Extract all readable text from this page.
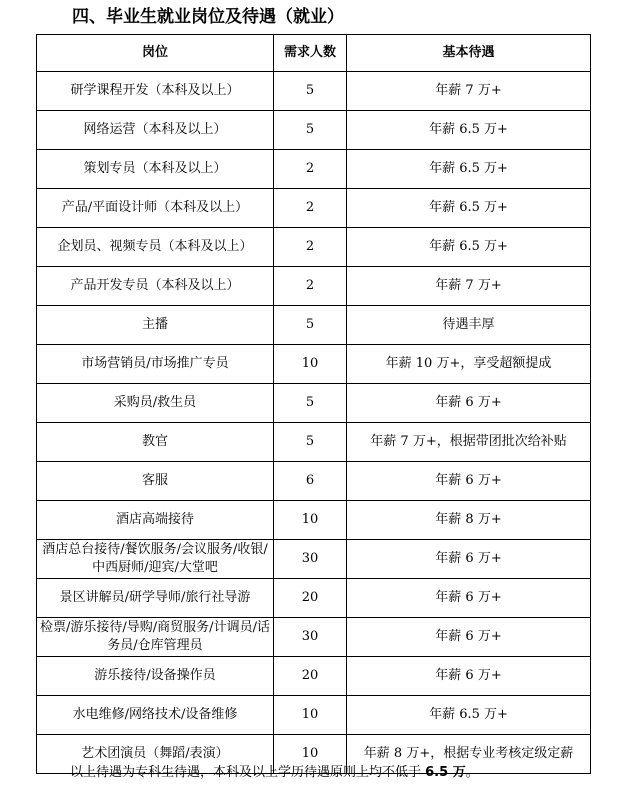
四、毕业生就业岗位及待遇（就业）
岗位	需求人数	基本待遇
研学课程开发（本科及以上）	5	年薪 7 万+
网络运营（本科及以上）	5	年薪 6.5 万+
策划专员（本科及以上）	2	年薪 6.5 万+
产品/平面设计师（本科及以上）	2	年薪 6.5 万+
企划员、视频专员（本科及以上）	2	年薪 6.5 万+
产品开发专员（本科及以上）	2	年薪 7 万+
主播	5	待遇丰厚
市场营销员/市场推广专员	10	年薪 10 万+，享受超额提成
采购员/救生员	5	年薪 6 万+
教官	5	年薪 7 万+，根据带团批次给补贴
客服	6	年薪 6 万+
酒店高端接待	10	年薪 8 万+
酒店总台接待/餐饮服务/会议服务/收银/中西厨师/迎宾/大堂吧	30	年薪 6 万+
景区讲解员/研学导师/旅行社导游	20	年薪 6 万+
检票/游乐接待/导购/商贸服务/计调员/话务员/仓库管理员	30	年薪 6 万+
游乐接待/设备操作员	20	年薪 6 万+
水电维修/网络技术/设备维修	10	年薪 6.5 万+
艺术团演员（舞蹈/表演）	10	年薪 8 万+，根据专业考核定级定薪
以上待遇为专科生待遇，本科及以上学历待遇原则上均不低于 6.5 万。
